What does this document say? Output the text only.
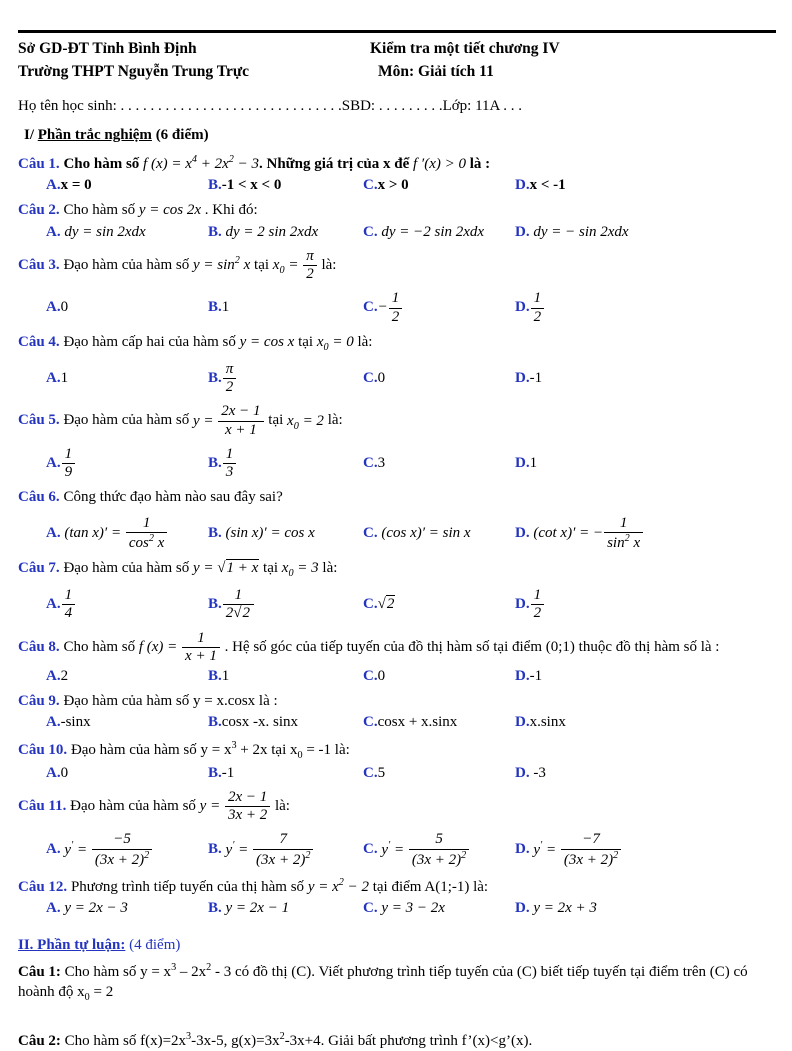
Sở GD-ĐT Tỉnh Bình Định
Trường THPT Nguyễn Trung Trực
Kiểm tra một tiết chương IV
Môn: Giải tích 11
Họ tên học sinh: . . . . . . . . . . . . . . . . . . . . . . . . . . . . . .SBD: . . . . . . . . .Lớp: 11A . . .
I/ Phần trắc nghiệm (6 điểm)
Câu 1. Cho hàm số f $(x) = x^4 + 2x^2 - 3$. Những giá trị của x để f ′(x) > 0 là :
A.x = 0	B.-1 < x < 0	C.x > 0	D.x < -1
Câu 2. Cho hàm số y = cos 2x . Khi đó:
A. dy = sin 2xdx	B. dy = 2 sin 2xdx	C. dy = −2 sin 2xdx	D. dy = − sin 2xdx
Câu 3. Đạo hàm của hàm số $y = \sin^2 x$ tại $x_0 = \frac{\pi}{2}$ là:
A.0	B.1	$C.- \frac{1}{2}$	D. $\frac{1}{2}$
Câu 4. Đạo hàm cấp hai của hàm số y = cos x tại $x_0 = 0$ là:
A.1	B. $\frac{\pi}{2}$	C.0	D.-1
Câu 5. Đạo hàm của hàm số $y = \frac{2x - 1}{x + 1}$ tại $x_0 = 2$ là:
A. $\frac{1}{9}$	B. $\frac{1}{3}$	C.3	D.1
Câu 6. Công thức đạo hàm nào sau đây sai?
A. (tan $x)' = \frac{1}{\cos^2 x}$	B. (sin x)′ = cos x	C. (cos x)′ = sin x	D. (cot x)′ = − $\frac{1}{\sin^2 x}$
Câu 7. Đạo hàm của hàm số y = √1 + x tại $x_0 = 3$ là:
A. $\frac{1}{4}$	B. $\frac{1}{2√2}$	C.√2	D. $\frac{1}{2}$
Câu 8. Cho hàm số f $(x) = \frac{1}{x + 1}$ . Hệ số góc của tiếp tuyến của đồ thị hàm số tại điểm (0;1) thuộc đồ thị hàm số là :
A.2	B.1	C.0	D.-1
Câu 9. Đạo hàm của hàm số y = x.cosx là :
A.-sinx	B.cosx -x. sinx	C.cosx + x.sinx	D.x.sinx
Câu 10. Đạo hàm của hàm số $y = x^3 + 2x$ tại $x_0 = -1$ là:
A.0	B.-1	C.5	D. -3
Câu 11. Đạo hàm của hàm số $y = \frac{2x - 1}{3x + 2}$ là:
A. $y' = \frac{-5}{(3x + 2)^2}$	B. $y' = \frac{7}{(3x + 2)^2}$	C. $y' = \frac{5}{(3x + 2)^2}$	D. $y' = \frac{-7}{(3x + 2)^2}$
Câu 12. Phương trình tiếp tuyến của thị hàm số $y = x^2 - 2$ tại điểm A(1;-1) là:
A. y = 2x − 3	B. y = 2x − 1	C. y = 3 − 2x	D. y = 2x + 3
II. Phần tự luận: (4 điểm)
Câu 1: Cho hàm số $y = x^3 - 2x^2 - 3$ có đồ thị (C). Viết phương trình tiếp tuyến của (C) biết tiếp tuyến tại điểm trên (C) có hoành độ $x_0 = 2$
Câu 2: Cho hàm số $f(x)=2x^3-3x-5$, $g(x)=3x^2-3x+4$. Giải bất phương trình f’(x)<g’(x).
